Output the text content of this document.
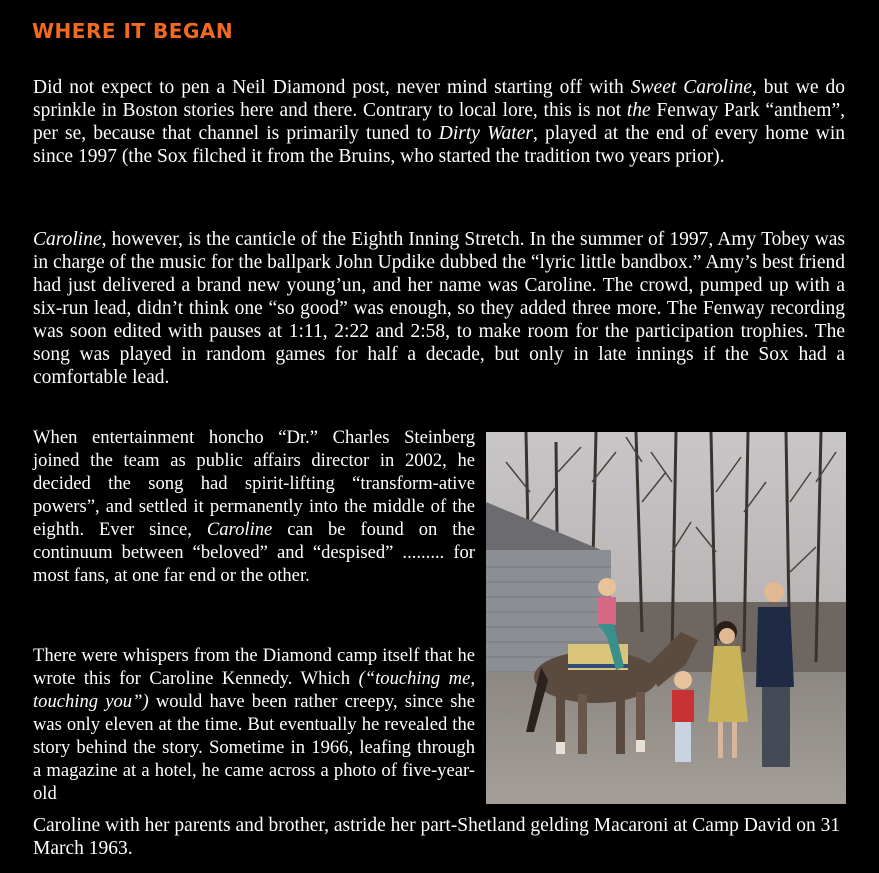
WHERE IT BEGAN

Did not expect to pen a Neil Diamond post, never mind starting off with Sweet Caroline, but we do sprinkle in Boston stories here and there. Contrary to local lore, this is not the Fenway Park “anthem”, per se, because that channel is primarily tuned to Dirty Water, played at the end of every home win since 1997 (the Sox filched it from the Bruins, who started the tradition two years prior).

Caroline, however, is the canticle of the Eighth Inning Stretch. In the summer of 1997, Amy Tobey was in charge of the music for the ballpark John Updike dubbed the “lyric little bandbox.” Amy’s best friend had just delivered a brand new young’un, and her name was Caroline. The crowd, pumped up with a six-run lead, didn’t think one “so good” was enough, so they added three more. The Fenway recording was soon edited with pauses at 1:11, 2:22 and 2:58, to make room for the participation trophies. The song was played in random games for half a decade, but only in late innings if the Sox had a comfortable lead.

When entertainment honcho “Dr.” Charles Steinberg joined the team as public affairs director in 2002, he decided the song had spirit-lifting “transform-ative powers”, and settled it permanently into the middle of the eighth. Ever since, Caroline can be found on the continuum between “beloved” and “despised” ......... for most fans, at one far end or the other.

There were whispers from the Diamond camp itself that he wrote this for Caroline Kennedy. Which (“touching me, touching you”) would have been rather creepy, since she was only eleven at the time. But eventually he revealed the story behind the story. Sometime in 1966, leafing through a magazine at a hotel, he came across a photo of five-year-old

Caroline with her parents and brother, astride her part-Shetland gelding Macaroni at Camp David on 31 March 1963.
